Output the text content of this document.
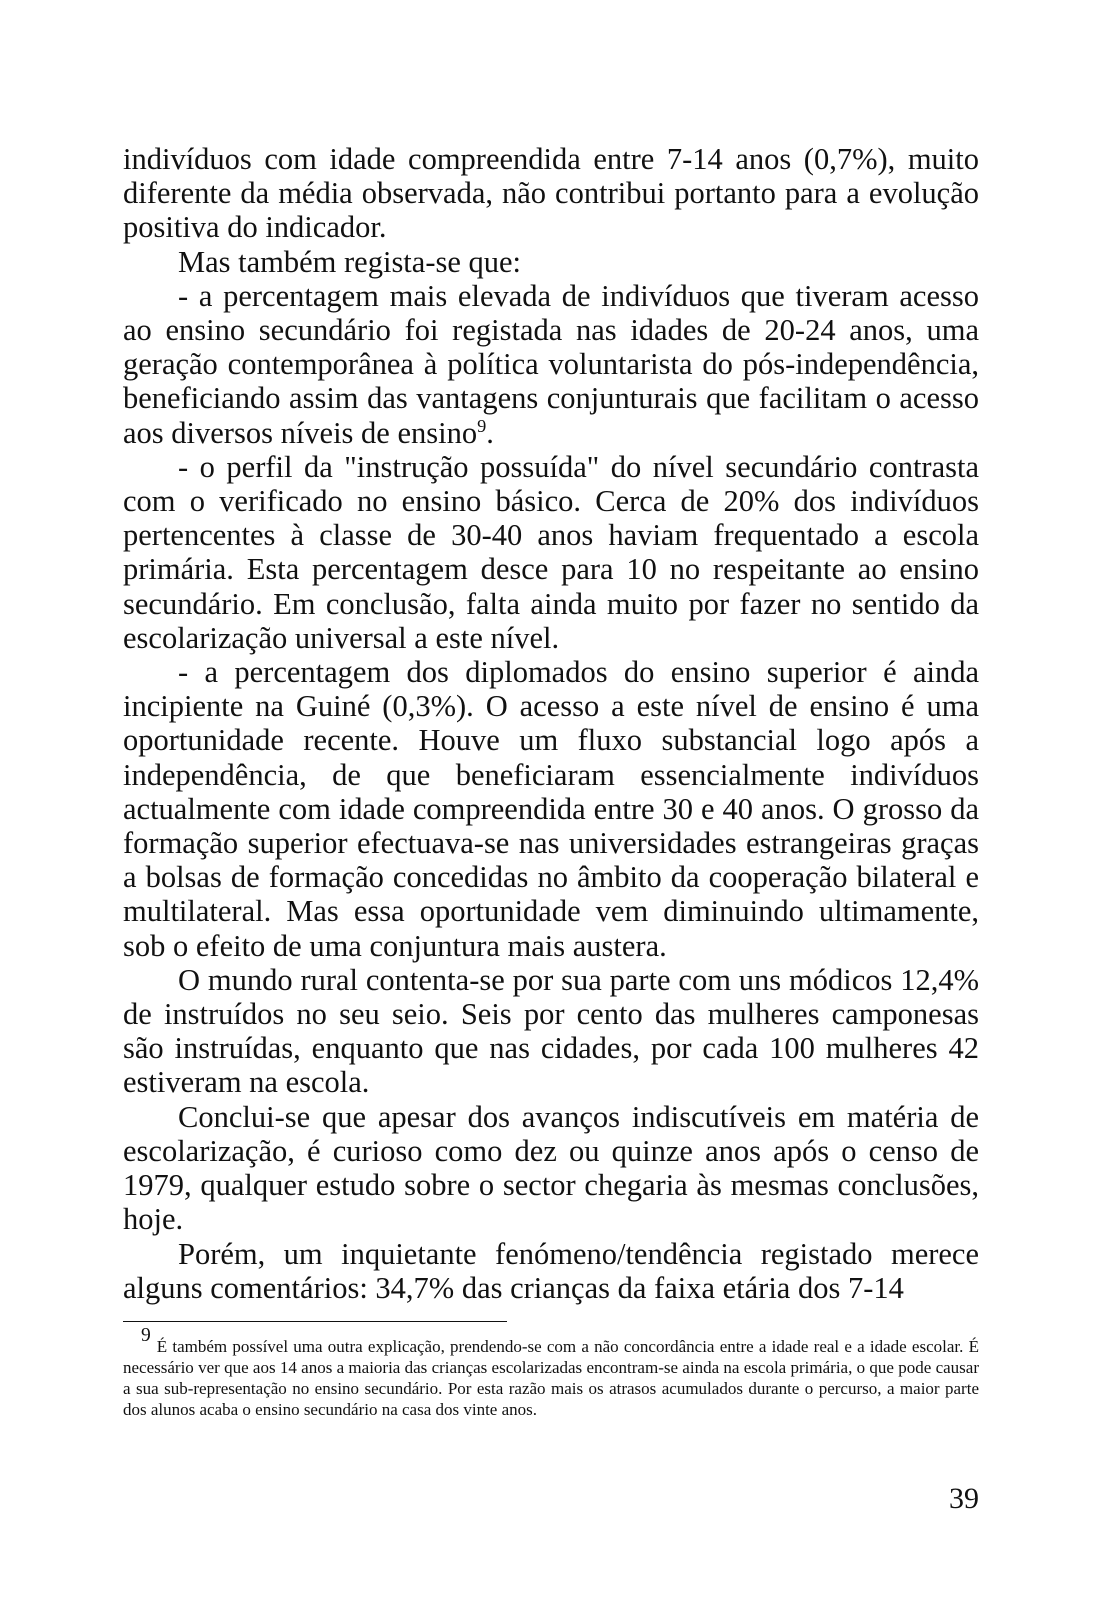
indivíduos com idade compreendida entre 7-14 anos (0,7%), muito diferente da média observada, não contribui portanto para a evolução positiva do indicador.

Mas também regista-se que:

- a percentagem mais elevada de indivíduos que tiveram acesso ao ensino secundário foi registada nas idades de 20-24 anos, uma geração contemporânea à política voluntarista do pós-independência, beneficiando assim das vantagens conjunturais que facilitam o acesso aos diversos níveis de ensino$^9$.

- o perfil da "instrução possuída" do nível secundário contrasta com o verificado no ensino básico. Cerca de 20% dos indivíduos pertencentes à classe de 30-40 anos haviam frequentado a escola primária. Esta percentagem desce para 10 no respeitante ao ensino secundário. Em conclusão, falta ainda muito por fazer no sentido da escolarização universal a este nível.

- a percentagem dos diplomados do ensino superior é ainda incipiente na Guiné (0,3%). O acesso a este nível de ensino é uma oportunidade recente. Houve um fluxo substancial logo após a independência, de que beneficiaram essencialmente indivíduos actualmente com idade compreendida entre 30 e 40 anos. O grosso da formação superior efectuava-se nas universidades estrangeiras graças a bolsas de formação concedidas no âmbito da cooperação bilateral e multilateral. Mas essa oportunidade vem diminuindo ultimamente, sob o efeito de uma conjuntura mais austera.

O mundo rural contenta-se por sua parte com uns módicos 12,4% de instruídos no seu seio. Seis por cento das mulheres camponesas são instruídas, enquanto que nas cidades, por cada 100 mulheres 42 estiveram na escola.

Conclui-se que apesar dos avanços indiscutíveis em matéria de escolarização, é curioso como dez ou quinze anos após o censo de 1979, qualquer estudo sobre o sector chegaria às mesmas conclusões, hoje.

Porém, um inquietante fenómeno/tendência registado merece alguns comentários: 34,7% das crianças da faixa etária dos 7-14

$^9$É também possível uma outra explicação, prendendo-se com a não concordância entre a idade real e a idade escolar. É necessário ver que aos 14 anos a maioria das crianças escolarizadas encontram-se ainda na escola primária, o que pode causar a sua sub-representação no ensino secundário. Por esta razão mais os atrasos acumulados durante o percurso, a maior parte dos alunos acaba o ensino secundário na casa dos vinte anos.

39
